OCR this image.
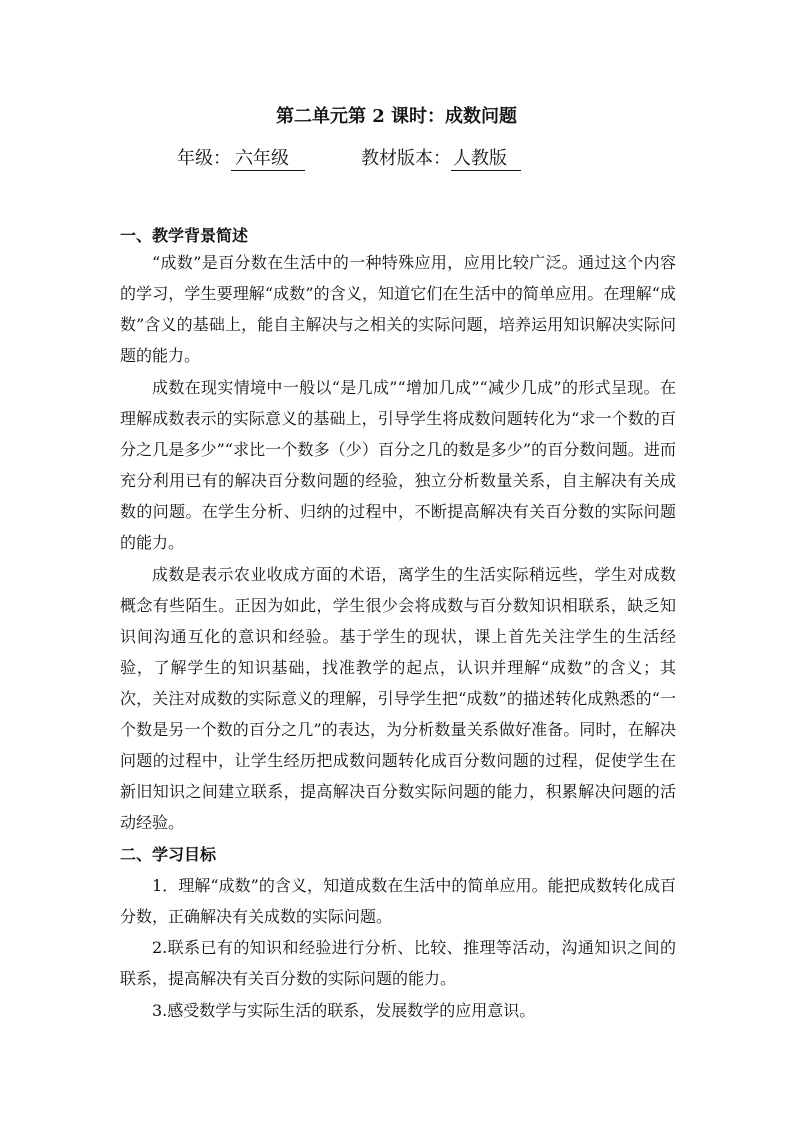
第二单元第 2 课时：成数问题
年级： 六年级	教材版本： 人教版
一、教学背景简述
“成数”是百分数在生活中的一种特殊应用，应用比较广泛。通过这个内容的学习，学生要理解“成数”的含义，知道它们在生活中的简单应用。在理解“成数”含义的基础上，能自主解决与之相关的实际问题，培养运用知识解决实际问题的能力。
成数在现实情境中一般以“是几成”“增加几成”“减少几成”的形式呈现。在理解成数表示的实际意义的基础上，引导学生将成数问题转化为“求一个数的百分之几是多少”“求比一个数多（少）百分之几的数是多少”的百分数问题。进而充分利用已有的解决百分数问题的经验，独立分析数量关系，自主解决有关成数的问题。在学生分析、归纳的过程中，不断提高解决有关百分数的实际问题的能力。
成数是表示农业收成方面的术语，离学生的生活实际稍远些，学生对成数概念有些陌生。正因为如此，学生很少会将成数与百分数知识相联系，缺乏知识间沟通互化的意识和经验。基于学生的现状，课上首先关注学生的生活经验，了解学生的知识基础，找准教学的起点，认识并理解“成数”的含义；其次，关注对成数的实际意义的理解，引导学生把“成数”的描述转化成熟悉的“一个数是另一个数的百分之几”的表达，为分析数量关系做好准备。同时，在解决问题的过程中，让学生经历把成数问题转化成百分数问题的过程，促使学生在新旧知识之间建立联系，提高解决百分数实际问题的能力，积累解决问题的活动经验。
二、学习目标
1．理解“成数”的含义，知道成数在生活中的简单应用。能把成数转化成百分数，正确解决有关成数的实际问题。
2.联系已有的知识和经验进行分析、比较、推理等活动，沟通知识之间的联系，提高解决有关百分数的实际问题的能力。
3.感受数学与实际生活的联系，发展数学的应用意识。
